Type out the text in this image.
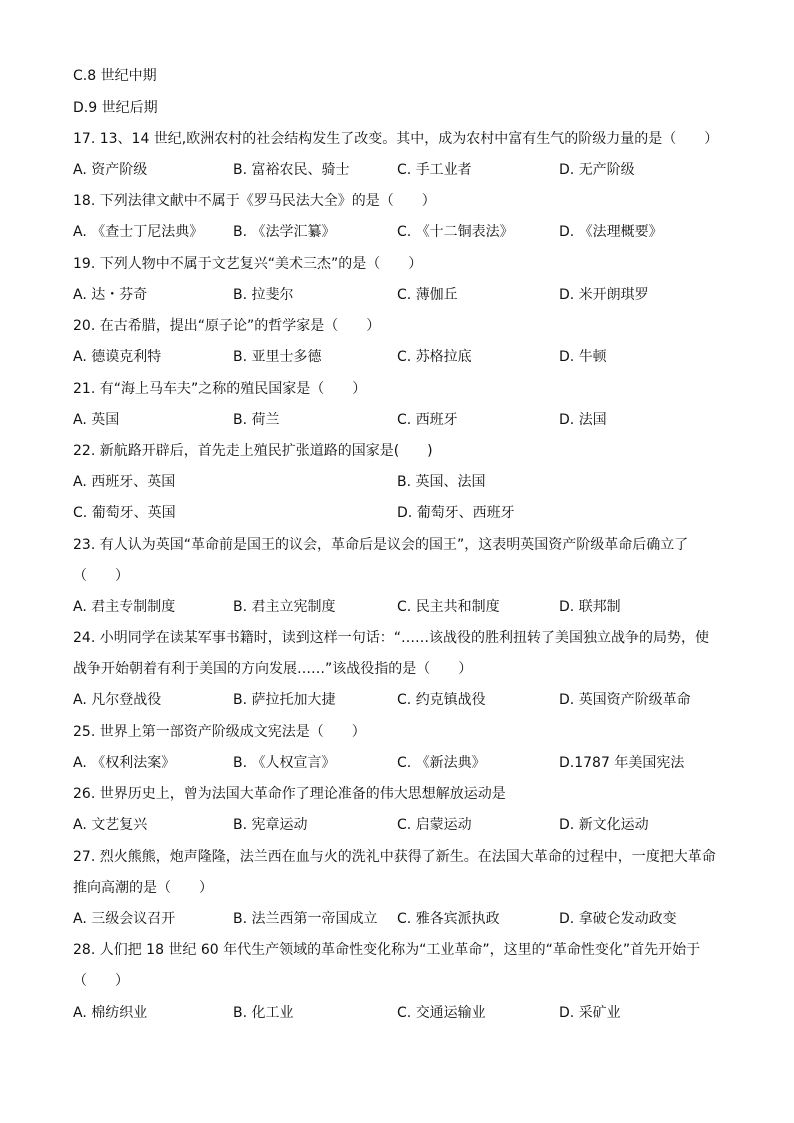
C.8 世纪中期
D.9 世纪后期
17. 13、14 世纪,欧洲农村的社会结构发生了改变。其中，成为农村中富有生气的阶级力量的是（　　）
A. 资产阶级	B. 富裕农民、骑士	C. 手工业者	D. 无产阶级
18. 下列法律文献中不属于《罗马民法大全》的是（　　）
A. 《查士丁尼法典》 B. 《法学汇纂》	C. 《十二铜表法》	D. 《法理概要》
19. 下列人物中不属于文艺复兴“美术三杰”的是（　　）
A. 达・芬奇	B. 拉斐尔	C. 薄伽丘	D. 米开朗琪罗
20. 在古希腊，提出“原子论”的哲学家是（　　）
A. 德谟克利特	B. 亚里士多德	C. 苏格拉底	D. 牛顿
21. 有“海上马车夫”之称的殖民国家是（　　）
A. 英国	B. 荷兰	C. 西班牙	D. 法国
22. 新航路开辟后，首先走上殖民扩张道路的国家是(　　)
A. 西班牙、英国	B. 英国、法国
C. 葡萄牙、英国	D. 葡萄牙、西班牙
23. 有人认为英国“革命前是国王的议会，革命后是议会的国王”，这表明英国资产阶级革命后确立了
（　　）
A. 君主专制制度	B. 君主立宪制度	C. 民主共和制度	D. 联邦制
24. 小明同学在读某军事书籍时，读到这样一句话：“……该战役的胜利扭转了美国独立战争的局势，使
战争开始朝着有利于美国的方向发展……”该战役指的是（　　）
A. 凡尔登战役	B. 萨拉托加大捷	C. 约克镇战役	D. 英国资产阶级革命
25. 世界上第一部资产阶级成文宪法是（　　）
A. 《权利法案》	B. 《人权宣言》	C. 《新法典》	D.1787 年美国宪法
26. 世界历史上，曾为法国大革命作了理论准备的伟大思想解放运动是
A. 文艺复兴	B. 宪章运动	C. 启蒙运动	D. 新文化运动
27. 烈火熊熊，炮声隆隆，法兰西在血与火的洗礼中获得了新生。在法国大革命的过程中，一度把大革命
推向高潮的是（　　）
A. 三级会议召开	B. 法兰西第一帝国成立 C. 雅各宾派执政	D. 拿破仑发动政变
28. 人们把 18 世纪 60 年代生产领域的革命性变化称为“工业革命”，这里的“革命性变化”首先开始于
（　　）
A. 棉纺织业	B. 化工业	C. 交通运输业	D. 采矿业
